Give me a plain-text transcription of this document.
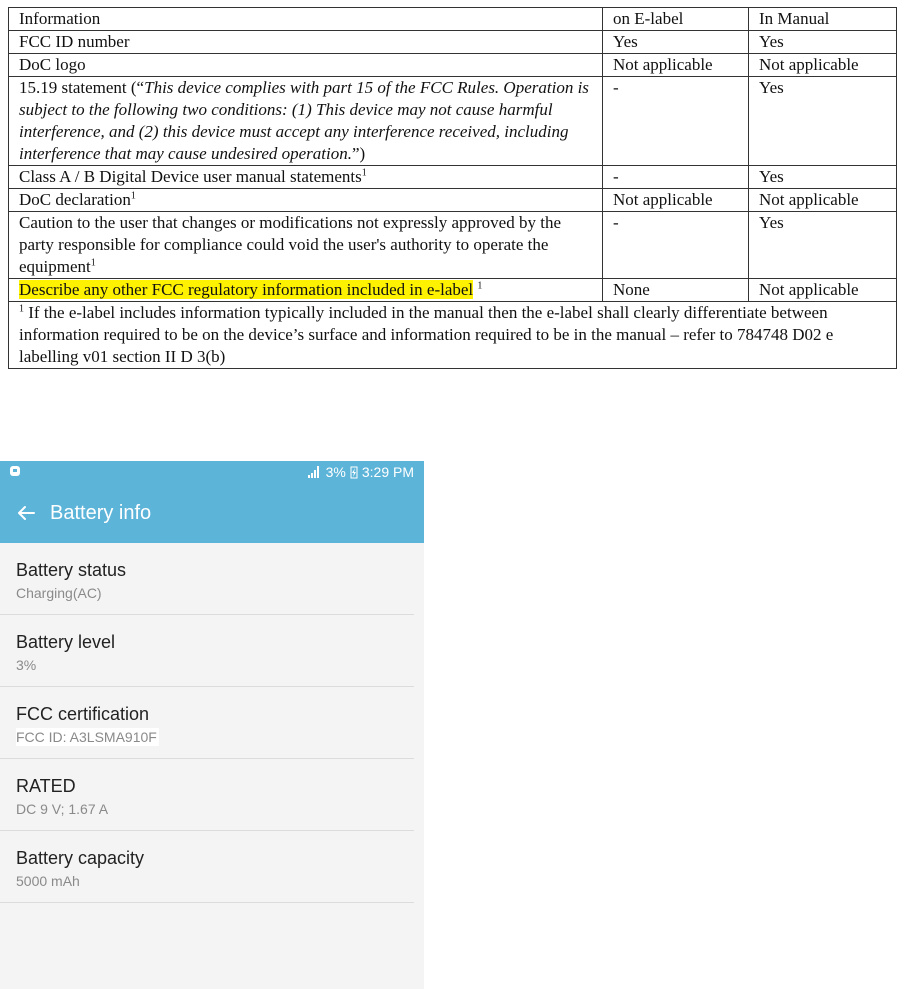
Information	on E-label	In Manual
FCC ID number	Yes	Yes
DoC logo	Not applicable	Not applicable
15.19 statement (“This device complies with part 15 of the FCC Rules. Operation is subject to the following two conditions: (1) This device may not cause harmful interference, and (2) this device must accept any interference received, including interference that may cause undesired operation.”)	-	Yes
Class A / B Digital Device user manual statements$^1$	-	Yes
DoC declaration$^1$	Not applicable	Not applicable
Caution to the user that changes or modifications not expressly approved by the party responsible for compliance could void the user's authority to operate the equipment$^1$	-	Yes
Describe any other FCC regulatory information included in e-label $^1$	None	Not applicable
$^1$ If the e-label includes information typically included in the manual then the e-label shall clearly differentiate between information required to be on the device’s surface and information required to be in the manual – refer to 784748 D02 e labelling v01 section II D 3(b)		
3% 3:29 PM
Battery info
Battery status
Charging(AC)
Battery level
3%
FCC certification
FCC ID: A3LSMA910F
RATED
DC 9 V; 1.67 A
Battery capacity
5000 mAh
